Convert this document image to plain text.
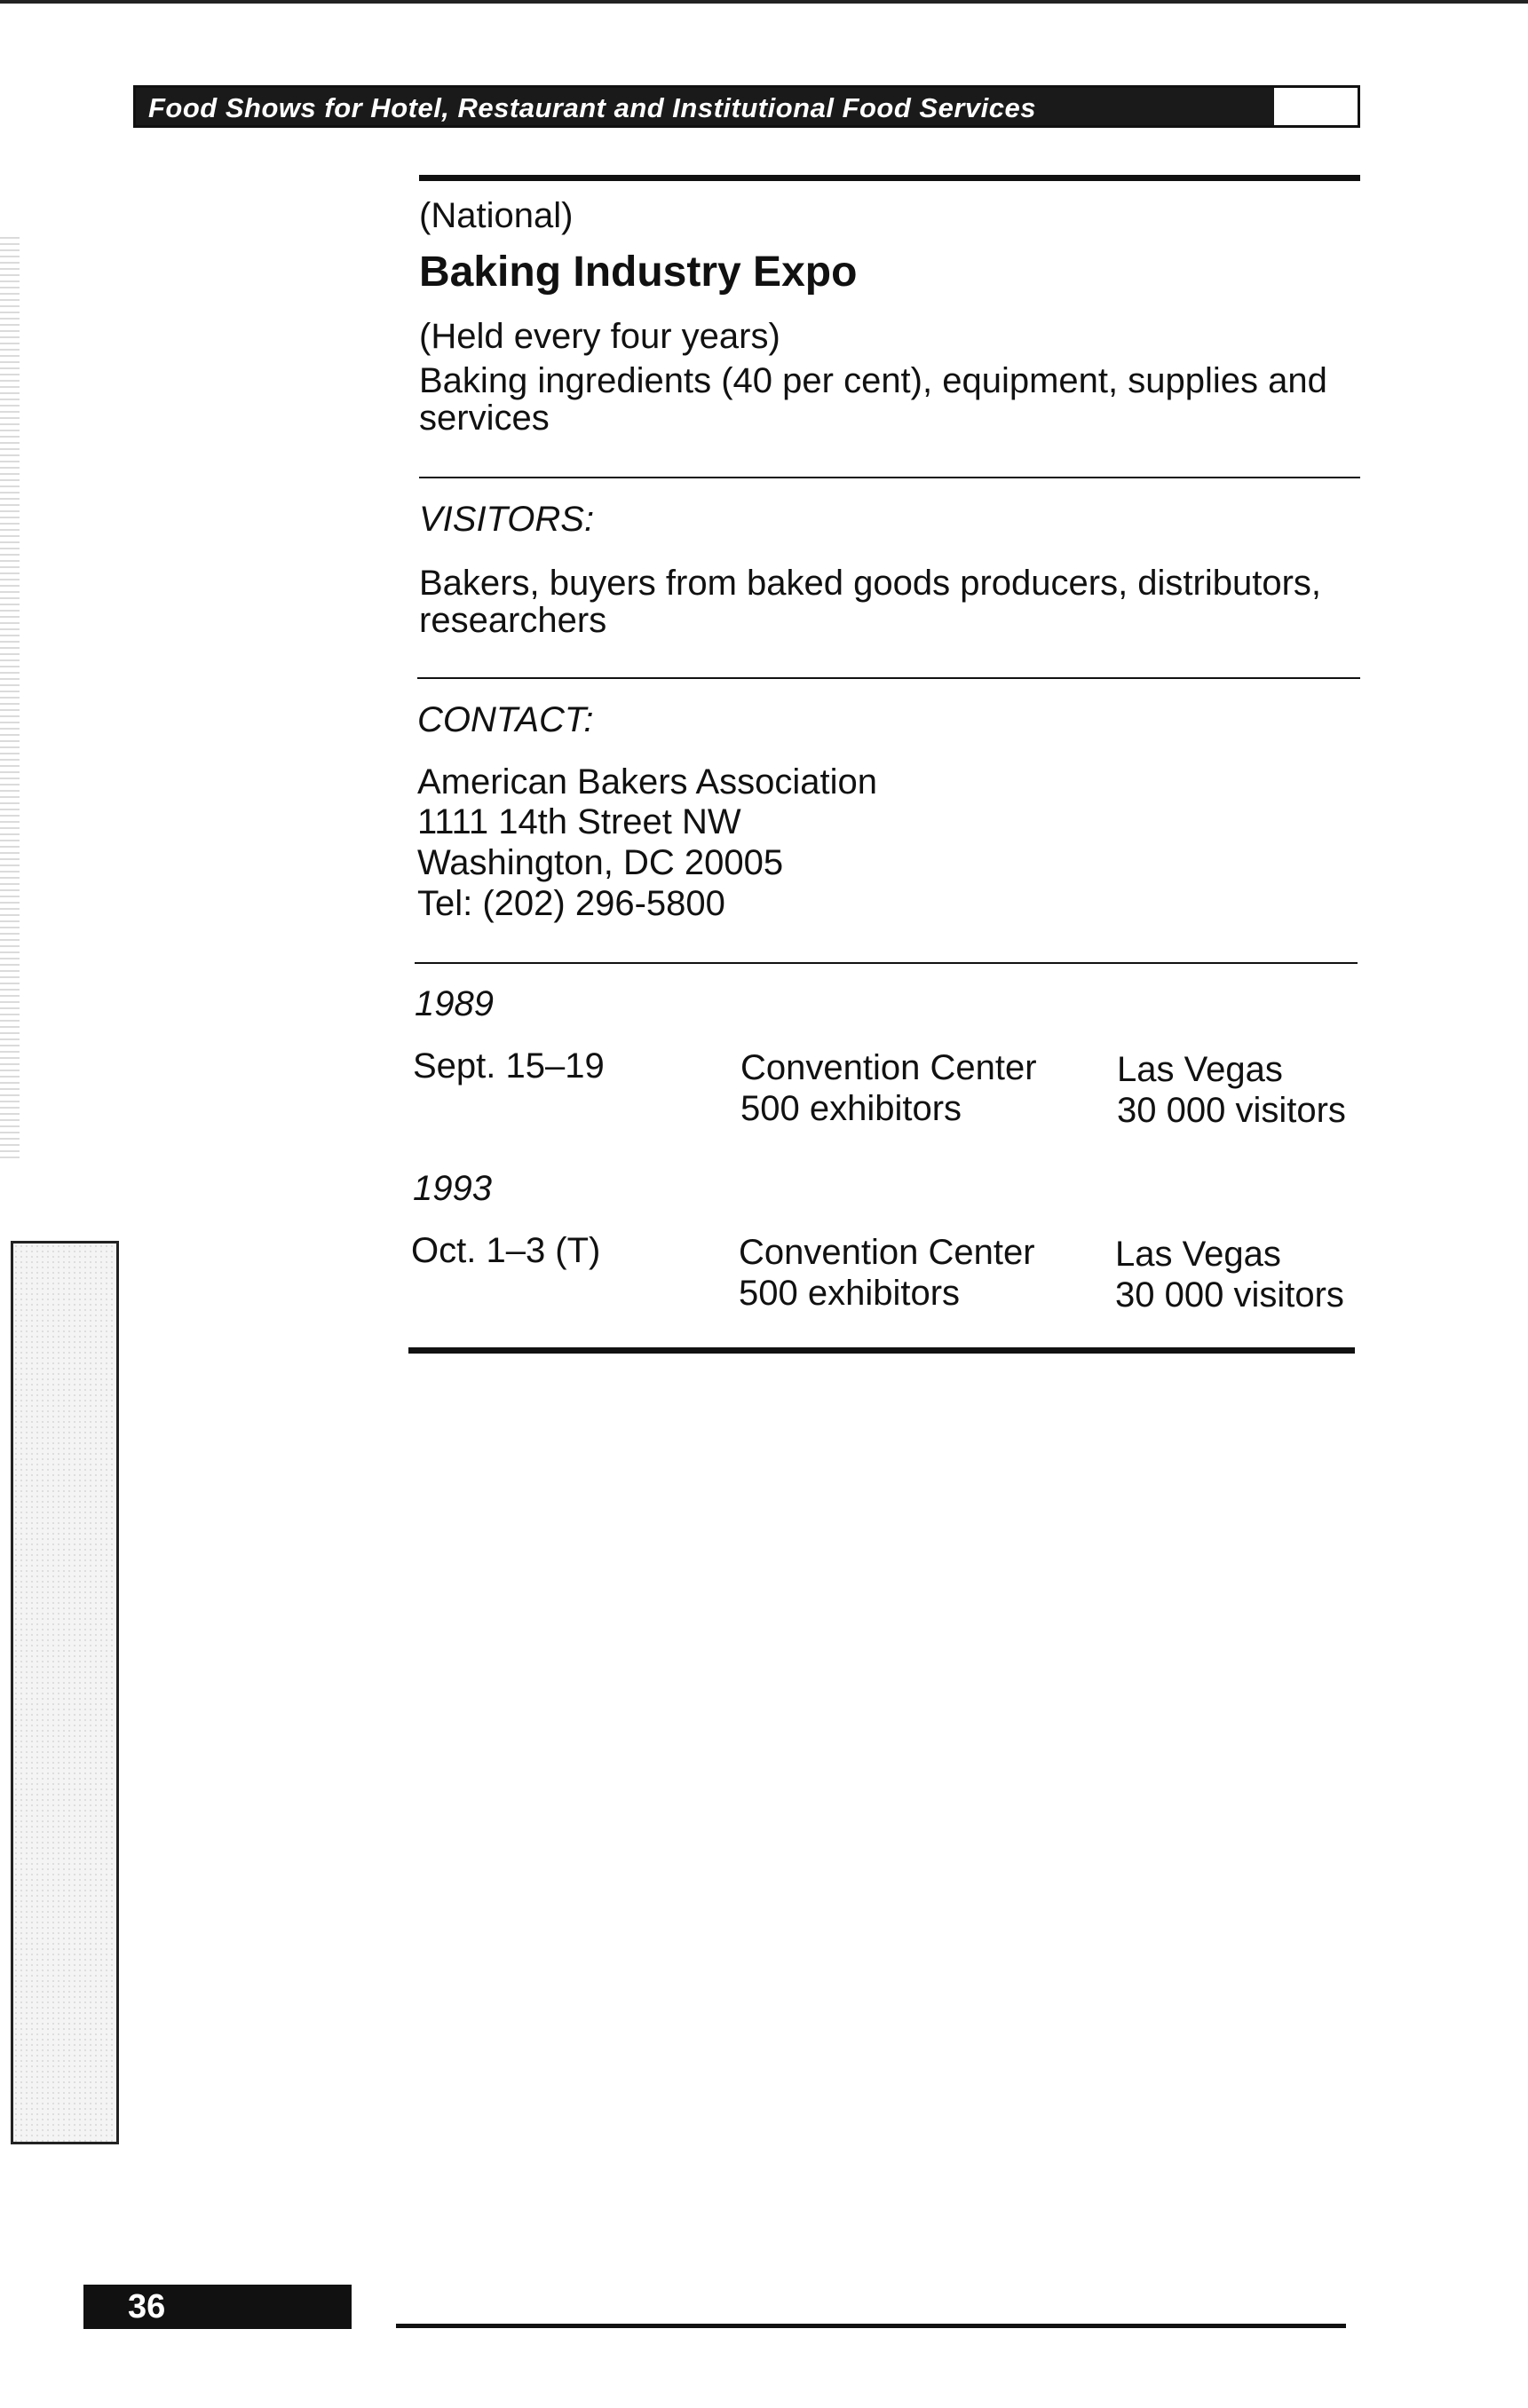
Food Shows for Hotel, Restaurant and Institutional Food Services
(National)
Baking Industry Expo
(Held every four years)
Baking ingredients (40 per cent), equipment, supplies and
services
VISITORS:
Bakers, buyers from baked goods producers, distributors,
researchers
CONTACT:
American Bakers Association
1111 14th Street NW
Washington, DC 20005
Tel: (202) 296-5800
1989
Sept. 15–19	Convention Center
500 exhibitors
Las Vegas
30 000 visitors
1993
Oct. 1–3 (T)	Convention Center
500 exhibitors
Las Vegas
30 000 visitors
36
